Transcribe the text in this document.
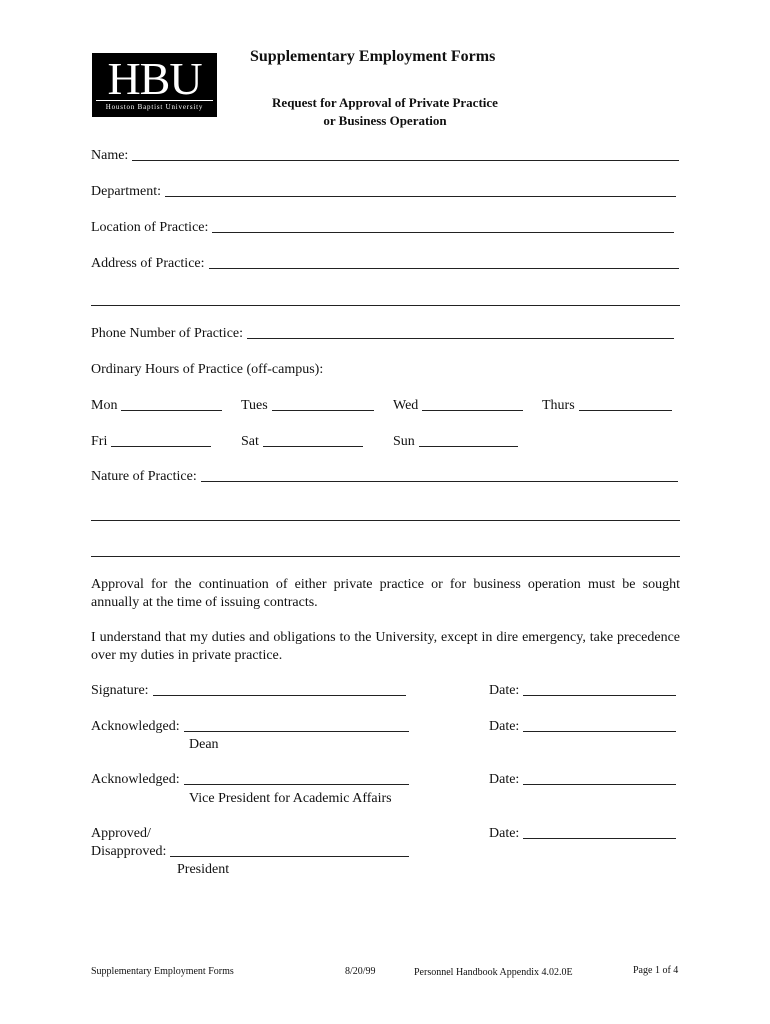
HBU
Houston Baptist University
Supplementary Employment Forms
Request for Approval of Private Practice
or Business Operation
Name:
Department:
Location of Practice:
Address of Practice:
Phone Number of Practice:
Ordinary Hours of Practice (off-campus):
Mon	Tues	Wed	Thurs
Fri	Sat	Sun
Nature of Practice:
Approval for the continuation of either private practice or for business operation must be sought annually at the time of issuing contracts.
I understand that my duties and obligations to the University, except in dire emergency, take precedence over my duties in private practice.
Signature:	Date:
Acknowledged:	Date:
Dean
Acknowledged:	Date:
Vice President for Academic Affairs
Approved/	Date:
Disapproved:
President
Supplementary Employment Forms	8/20/99	Personnel Handbook Appendix 4.02.0E	Page 1 of 4
